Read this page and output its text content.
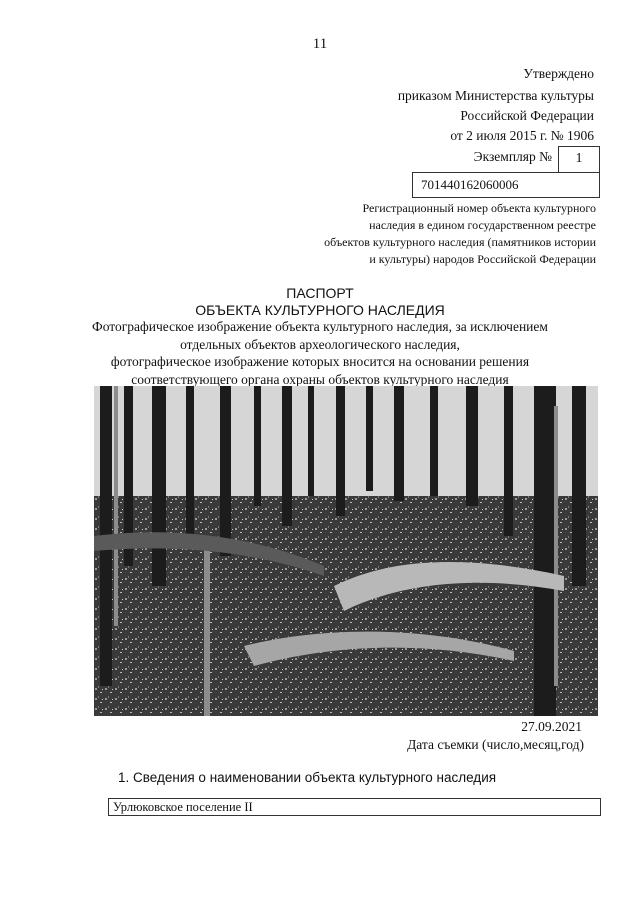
11
Утверждено
приказом Министерства культуры
Российской Федерации
от 2 июля 2015 г. № 1906
Экземпляр №	1
701440162060006
Регистрационный номер объекта культурного
наследия в едином государственном реестре
объектов культурного наследия (памятников истории
и культуры) народов Российской Федерации
ПАСПОРТ
ОБЪЕКТА КУЛЬТУРНОГО НАСЛЕДИЯ
Фотографическое изображение объекта культурного наследия, за исключением
отдельных объектов археологического наследия,
фотографическое изображение которых вносится на основании решения
соответствующего органа охраны объектов культурного наследия
27.09.2021
Дата съемки (число,месяц,год)
1. Сведения о наименовании объекта культурного наследия
Урлюковское поселение II
